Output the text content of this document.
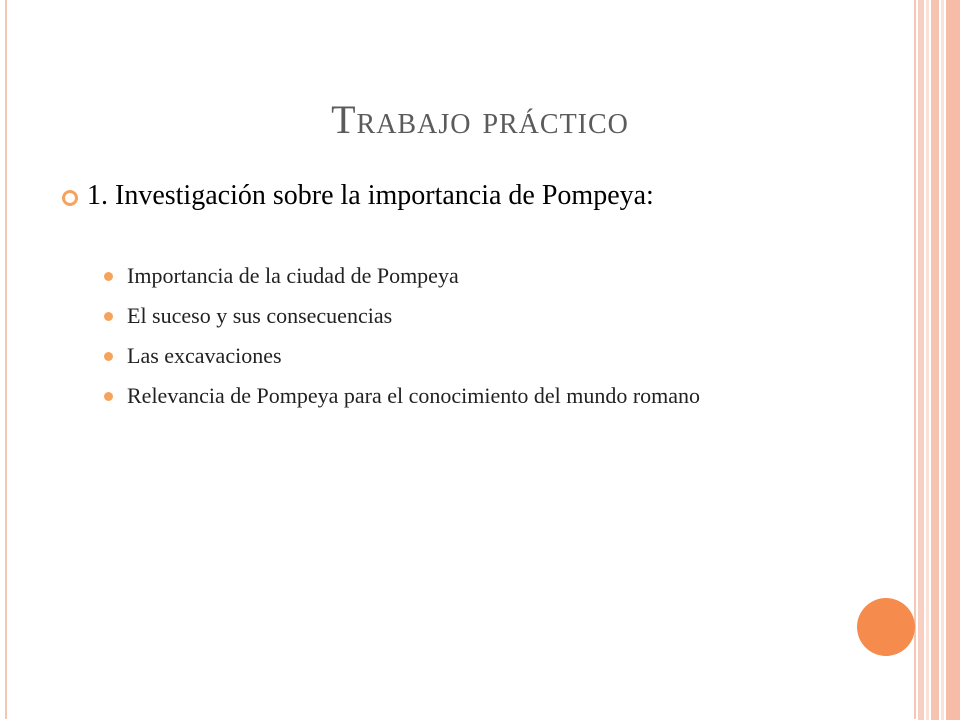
Trabajo práctico
1. Investigación sobre la importancia de Pompeya:
Importancia de la ciudad de Pompeya
El suceso y sus consecuencias
Las excavaciones
Relevancia de Pompeya para el conocimiento del mundo romano
